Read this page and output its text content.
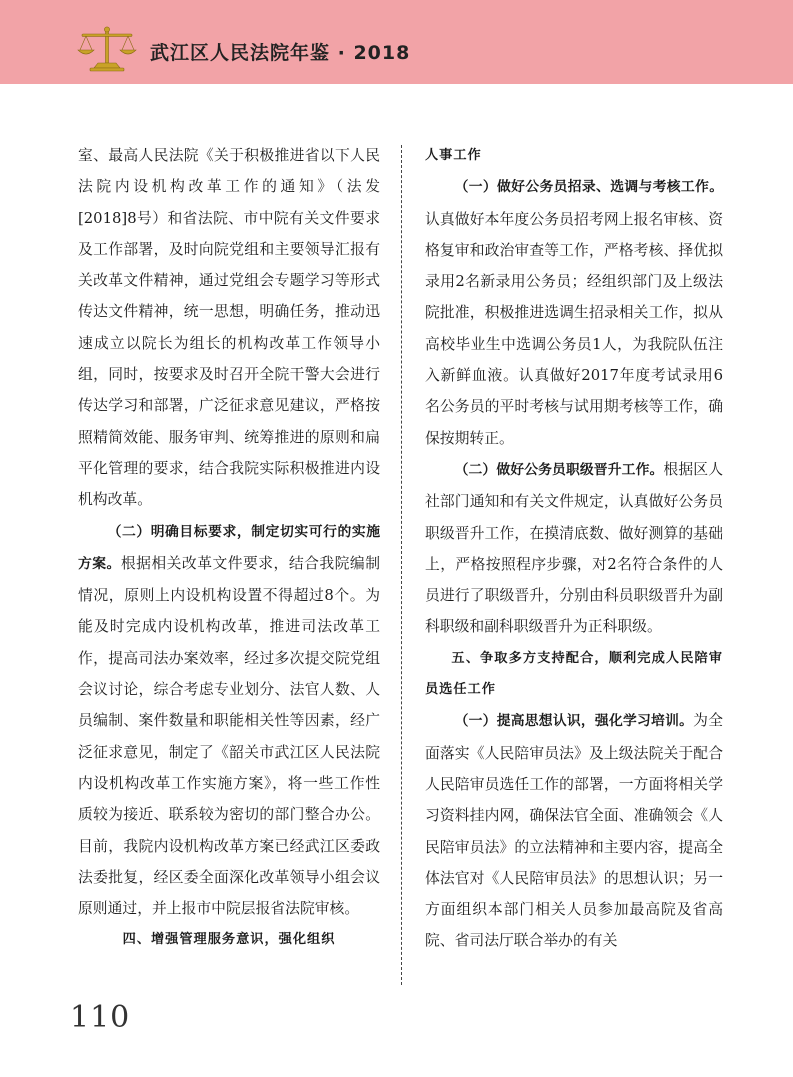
武江区人民法院年鉴 · 2018

室、最高人民法院《关于积极推进省以下人民法院内设机构改革工作的通知》（法发[2018]8号）和省法院、市中院有关文件要求及工作部署，及时向院党组和主要领导汇报有关改革文件精神，通过党组会专题学习等形式传达文件精神，统一思想，明确任务，推动迅速成立以院长为组长的机构改革工作领导小组，同时，按要求及时召开全院干警大会进行传达学习和部署，广泛征求意见建议，严格按照精简效能、服务审判、统筹推进的原则和扁平化管理的要求，结合我院实际积极推进内设机构改革。

（二）明确目标要求，制定切实可行的实施方案。根据相关改革文件要求，结合我院编制情况，原则上内设机构设置不得超过8个。为能及时完成内设机构改革，推进司法改革工作，提高司法办案效率，经过多次提交院党组会议讨论，综合考虑专业划分、法官人数、人员编制、案件数量和职能相关性等因素，经广泛征求意见，制定了《韶关市武江区人民法院内设机构改革工作实施方案》，将一些工作性质较为接近、联系较为密切的部门整合办公。目前，我院内设机构改革方案已经武江区委政法委批复，经区委全面深化改革领导小组会议原则通过，并上报市中院层报省法院审核。

四、增强管理服务意识，强化组织

人事工作

（一）做好公务员招录、选调与考核工作。认真做好本年度公务员招考网上报名审核、资格复审和政治审查等工作，严格考核、择优拟录用2名新录用公务员；经组织部门及上级法院批准，积极推进选调生招录相关工作，拟从高校毕业生中选调公务员1人，为我院队伍注入新鲜血液。认真做好2017年度考试录用6名公务员的平时考核与试用期考核等工作，确保按期转正。

（二）做好公务员职级晋升工作。根据区人社部门通知和有关文件规定，认真做好公务员职级晋升工作，在摸清底数、做好测算的基础上，严格按照程序步骤，对2名符合条件的人员进行了职级晋升，分别由科员职级晋升为副科职级和副科职级晋升为正科职级。

五、争取多方支持配合，顺利完成人民陪审员选任工作

（一）提高思想认识，强化学习培训。为全面落实《人民陪审员法》及上级法院关于配合人民陪审员选任工作的部署，一方面将相关学习资料挂内网，确保法官全面、准确领会《人民陪审员法》的立法精神和主要内容，提高全体法官对《人民陪审员法》的思想认识；另一方面组织本部门相关人员参加最高院及省高院、省司法厅联合举办的有关

110
